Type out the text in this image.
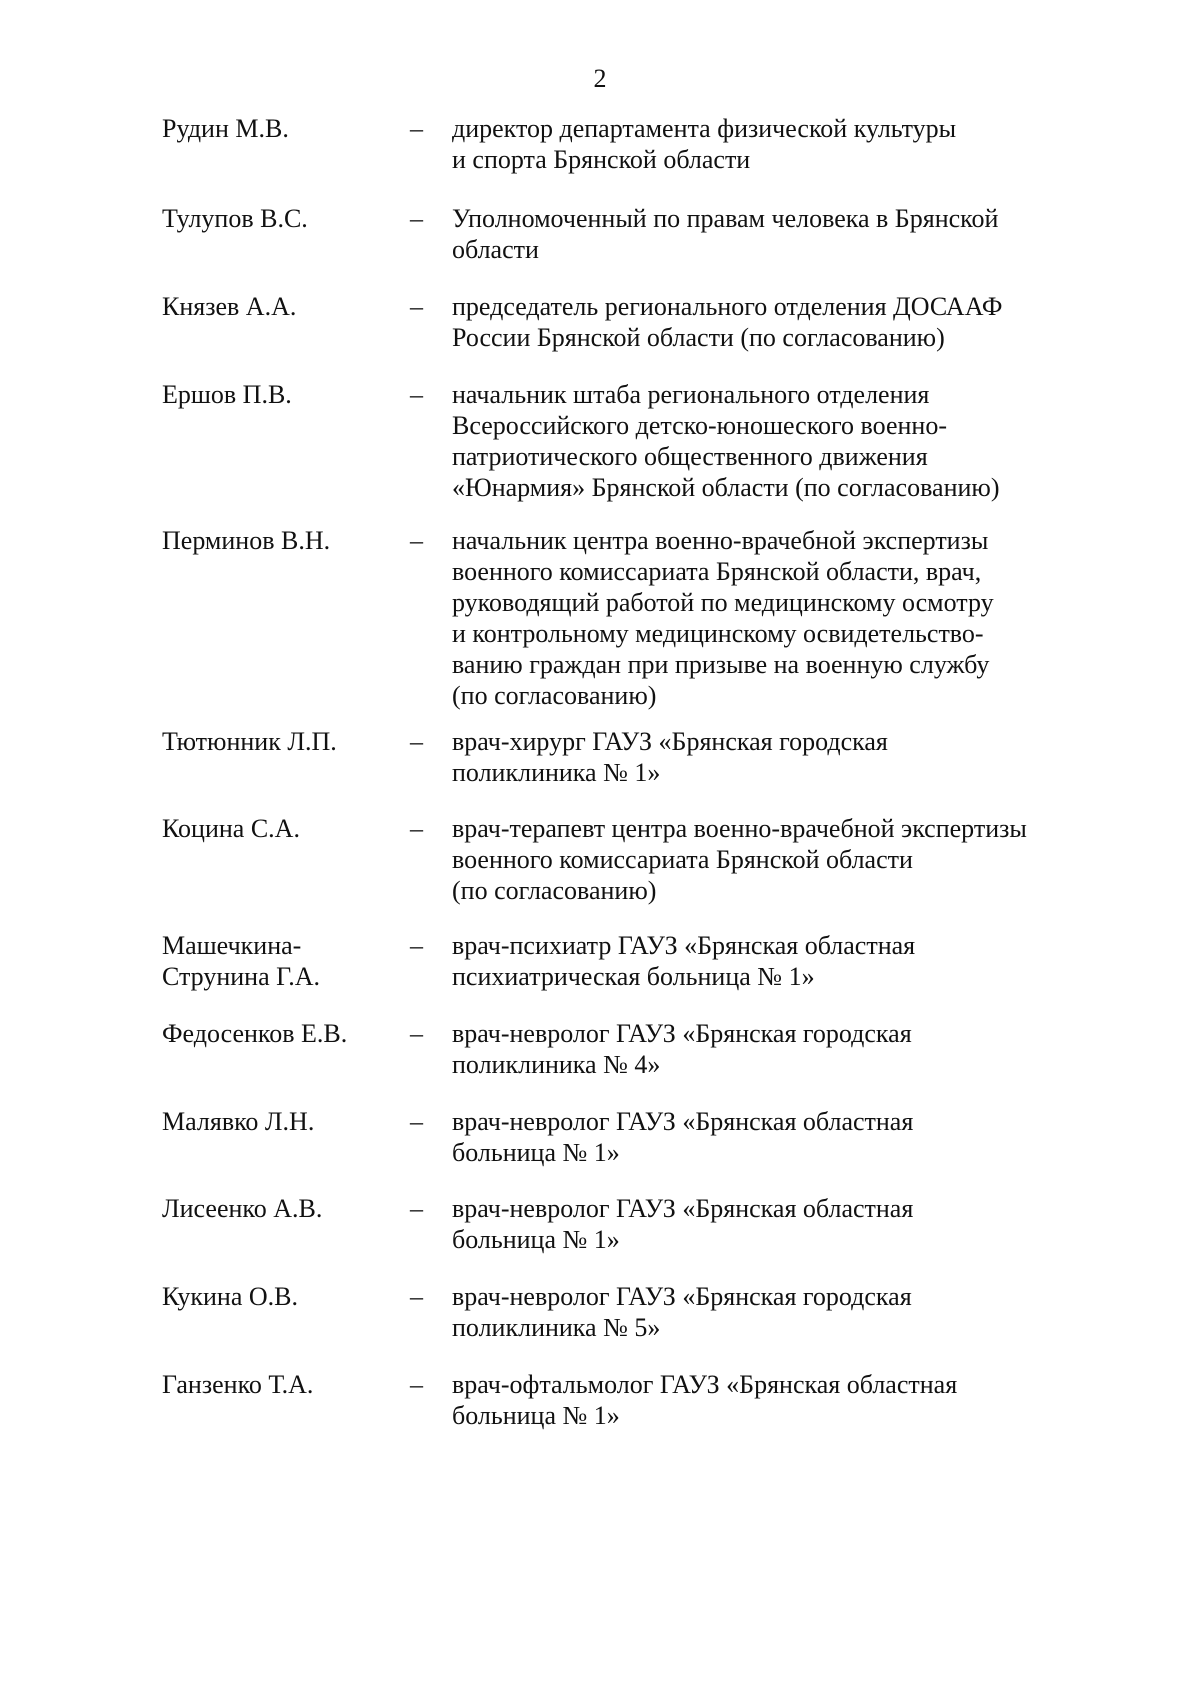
2
Рудин М.В.	– директор департамента физической культуры
и спорта Брянской области
Тулупов В.С.	– Уполномоченный по правам человека в Брянской
области
Князев А.А.	– председатель регионального отделения ДОСААФ
России Брянской области (по согласованию)
Ершов П.В.	– начальник штаба регионального отделения
Всероссийского детско-юношеского военно-
патриотического общественного движения
«Юнармия» Брянской области (по согласованию)
Перминов В.Н.	– начальник центра военно-врачебной экспертизы
военного комиссариата Брянской области, врач,
руководящий работой по медицинскому осмотру
и контрольному медицинскому освидетельство-
ванию граждан при призыве на военную службу
(по согласованию)
Тютюнник Л.П.	– врач-хирург ГАУЗ «Брянская городская
поликлиника № 1»
Коцина С.А.	– врач-терапевт центра военно-врачебной экспертизы
военного комиссариата Брянской области
(по согласованию)
Машечкина-
Струнина Г.А.
– врач-психиатр ГАУЗ «Брянская областная
психиатрическая больница № 1»
Федосенков Е.В.	– врач-невролог ГАУЗ «Брянская городская
поликлиника № 4»
Малявко Л.Н.	– врач-невролог ГАУЗ «Брянская областная
больница № 1»
Лисеенко А.В.	– врач-невролог ГАУЗ «Брянская областная
больница № 1»
Кукина О.В.	– врач-невролог ГАУЗ «Брянская городская
поликлиника № 5»
Ганзенко Т.А.	– врач-офтальмолог ГАУЗ «Брянская областная
больница № 1»
